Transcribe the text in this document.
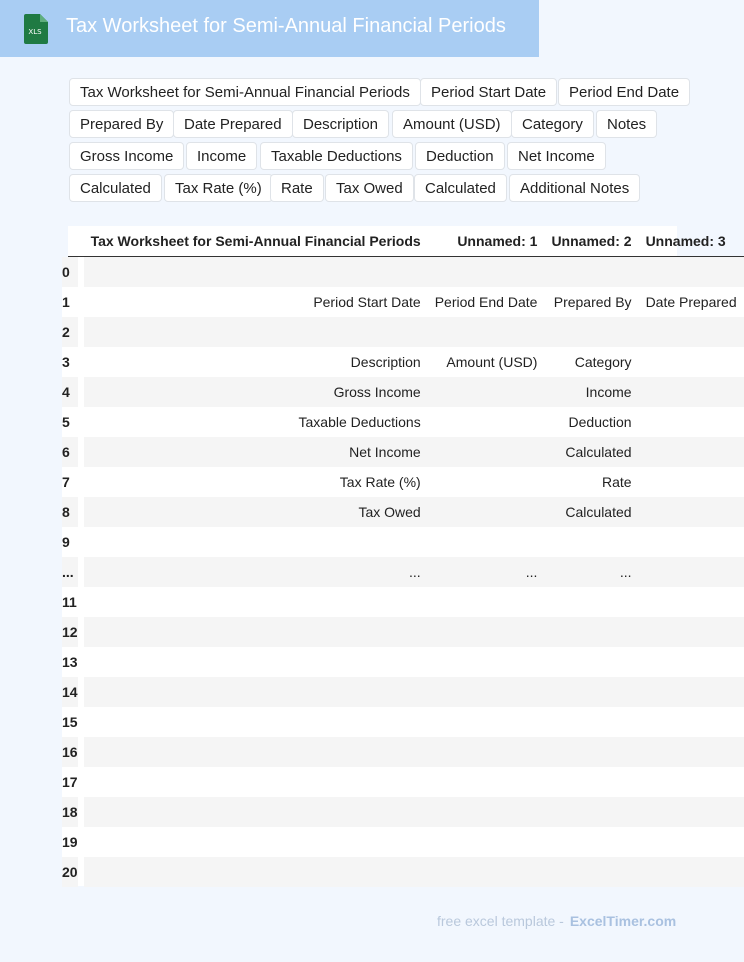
XLS Tax Worksheet for Semi-Annual Financial Periods
Tax Worksheet for Semi-Annual Financial Periods	Period Start Date	Period End Date
Prepared By	Date Prepared	Description	Amount (USD)	Category	Notes
Gross Income	Income	Taxable Deductions	Deduction	Net Income
Calculated	Tax Rate (%)	Rate	Tax Owed	Calculated	Additional Notes
	Tax Worksheet for Semi-Annual Financial Periods	Unnamed: 1	Unnamed: 2	Unnamed: 3
0				
1	Period Start Date	Period End Date	Prepared By	Date Prepared
2				
3	Description	Amount (USD)	Category	
4	Gross Income		Income	
5	Taxable Deductions		Deduction	
6	Net Income		Calculated	
7	Tax Rate (%)		Rate	
8	Tax Owed		Calculated	
9				
...	...	...	...	
11				
12				
13				
14				
15				
16				
17				
18				
19				
20				
free excel template - ExcelTimer.com
